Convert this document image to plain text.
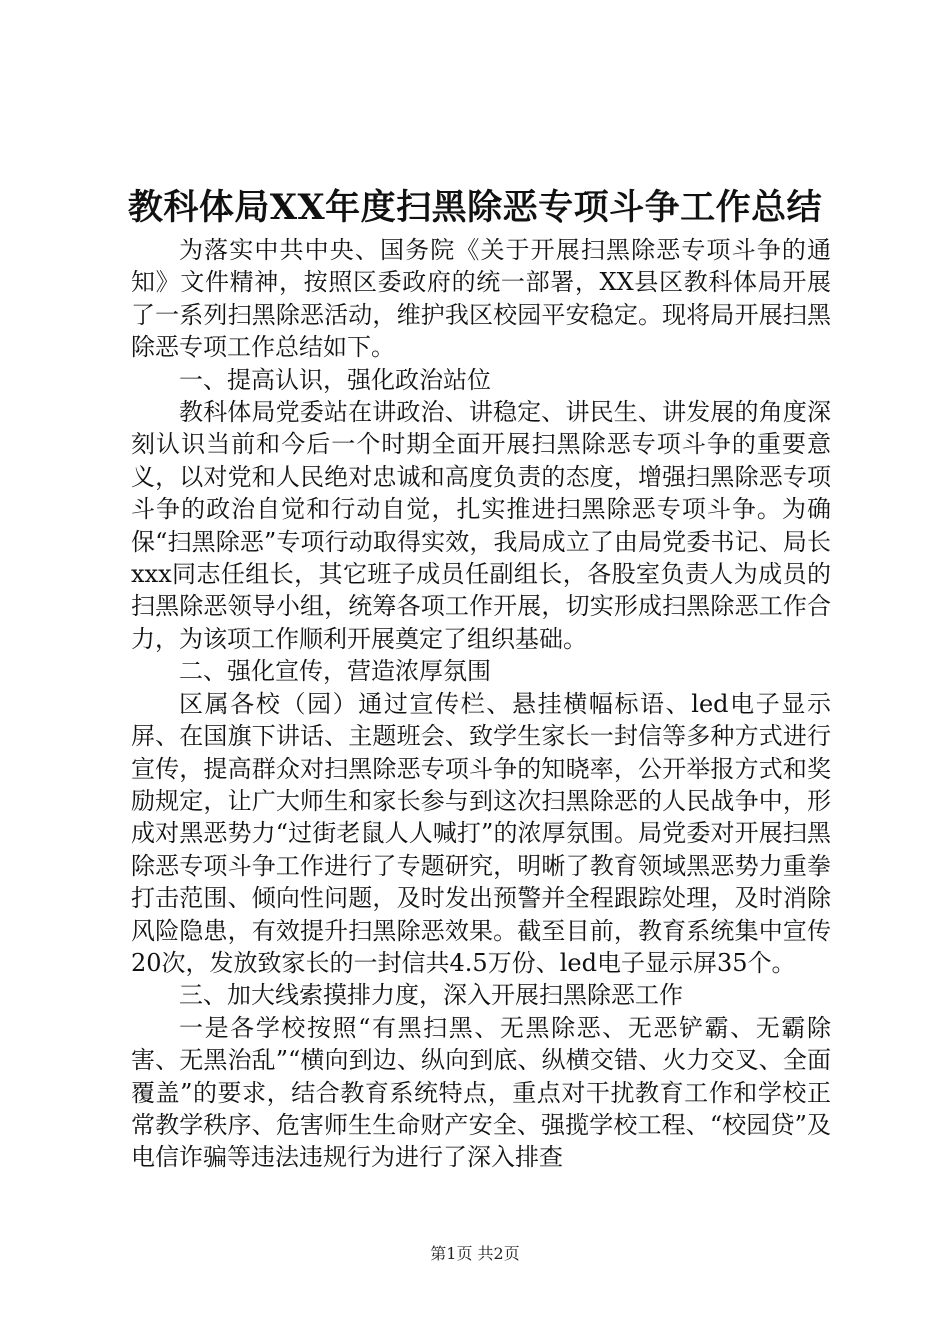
教科体局XX年度扫黑除恶专项斗争工作总结

为落实中共中央、国务院《关于开展扫黑除恶专项斗争的通知》文件精神，按照区委政府的统一部署，XX县区教科体局开展了一系列扫黑除恶活动，维护我区校园平安稳定。现将局开展扫黑除恶专项工作总结如下。

一、提高认识，强化政治站位

教科体局党委站在讲政治、讲稳定、讲民生、讲发展的角度深刻认识当前和今后一个时期全面开展扫黑除恶专项斗争的重要意义，以对党和人民绝对忠诚和高度负责的态度，增强扫黑除恶专项斗争的政治自觉和行动自觉，扎实推进扫黑除恶专项斗争。为确保“扫黑除恶”专项行动取得实效，我局成立了由局党委书记、局长xxx同志任组长，其它班子成员任副组长，各股室负责人为成员的扫黑除恶领导小组，统筹各项工作开展，切实形成扫黑除恶工作合力，为该项工作顺利开展奠定了组织基础。

二、强化宣传，营造浓厚氛围

区属各校（园）通过宣传栏、悬挂横幅标语、led电子显示屏、在国旗下讲话、主题班会、致学生家长一封信等多种方式进行宣传，提高群众对扫黑除恶专项斗争的知晓率，公开举报方式和奖励规定，让广大师生和家长参与到这次扫黑除恶的人民战争中，形成对黑恶势力“过街老鼠人人喊打”的浓厚氛围。局党委对开展扫黑除恶专项斗争工作进行了专题研究，明晰了教育领域黑恶势力重拳打击范围、倾向性问题，及时发出预警并全程跟踪处理，及时消除风险隐患，有效提升扫黑除恶效果。截至目前，教育系统集中宣传20次，发放致家长的一封信共4.5万份、led电子显示屏35个。

三、加大线索摸排力度，深入开展扫黑除恶工作

一是各学校按照“有黑扫黑、无黑除恶、无恶铲霸、无霸除害、无黑治乱”“横向到边、纵向到底、纵横交错、火力交叉、全面覆盖”的要求，结合教育系统特点，重点对干扰教育工作和学校正常教学秩序、危害师生生命财产安全、强揽学校工程、“校园贷”及电信诈骗等违法违规行为进行了深入排查

第1页 共2页
